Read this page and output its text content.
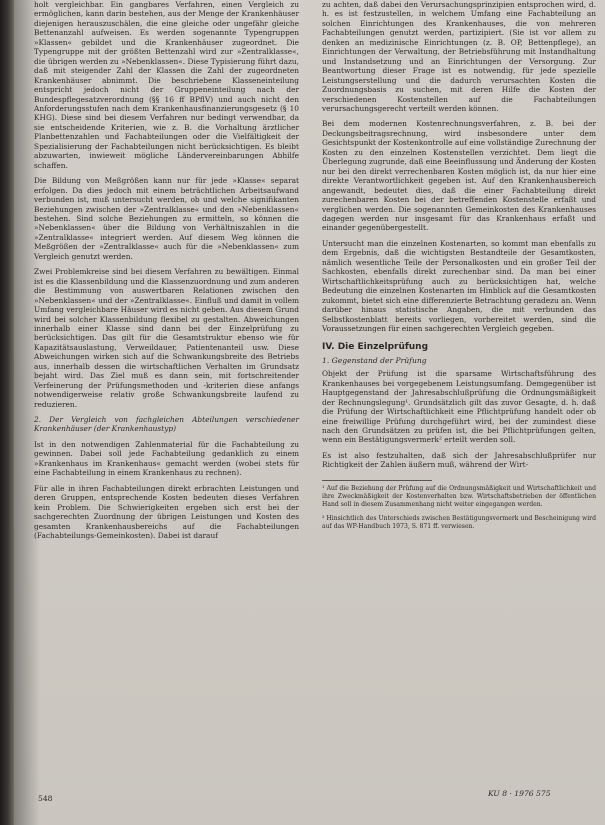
holt vergleichbar. Ein gangbares Verfahren, einen Vergleich zu ermöglichen, kann darin bestehen, aus der Menge der Krankenhäuser diejenigen herauszuschälen, die eine gleiche oder ungefähr gleiche Bettenanzahl aufweisen. Es werden sogenannte Typengruppen »Klassen« gebildet und die Krankenhäuser zugeordnet. Die Typengruppe mit der größten Bettenzahl wird zur »Zentralklasse«, die übrigen werden zu »Nebenklassen«. Diese Typisierung führt dazu, daß mit steigender Zahl der Klassen die Zahl der zugeordneten Krankenhäuser abnimmt. Die beschriebene Klasseneinteilung entspricht jedoch nicht der Gruppeneinteilung nach der Bundespflegesatzverordnung (§§ 16 ff BPflV) und auch nicht den Anforderungsstufen nach dem Krankenhausfinanzierungsgesetz (§ 10 KHG). Diese sind bei diesem Verfahren nur bedingt verwendbar, da sie entscheidende Kriterien, wie z. B. die Vorhaltung ärztlicher Planbettenzahlen und Fachabteilungen oder die Vielfältigkeit der Spezialisierung der Fachabteilungen nicht berücksichtigen. Es bleibt abzuwarten, inwieweit mögliche Ländervereinbarungen Abhilfe schaffen.

Die Bildung von Meßgrößen kann nur für jede »Klasse« separat erfolgen. Da dies jedoch mit einem beträchtlichen Arbeitsaufwand verbunden ist, muß untersucht werden, ob und welche signifikanten Beziehungen zwischen der »Zentralklasse« und den »Nebenklassen« bestehen. Sind solche Beziehungen zu ermitteln, so können die »Nebenklassen« über die Bildung von Verhältniszahlen in die »Zentralklasse« integriert werden. Auf diesem Weg können die Meßgrößen der »Zentralklasse« auch für die »Nebenklassen« zum Vergleich genutzt werden.

Zwei Problemkreise sind bei diesem Verfahren zu bewältigen. Einmal ist es die Klassenbildung und die Klassenzuordnung und zum anderen die Bestimmung von auswertbaren Relationen zwischen den »Nebenklassen« und der »Zentralklasse«. Einfluß und damit in vollem Umfang vergleichbare Häuser wird es nicht geben. Aus diesem Grund wird bei solcher Klassenbildung flexibel zu gestalten. Abweichungen innerhalb einer Klasse sind dann bei der Einzelprüfung zu berücksichtigen. Das gilt für die Gesamtstruktur ebenso wie für Kapazitätsauslastung, Verweildauer, Patientenanteil usw. Diese Abweichungen wirken sich auf die Schwankungsbreite des Betriebs aus, innerhalb dessen die wirtschaftlichen Verhalten im Grundsatz bejaht wird. Das Ziel muß es dann sein, mit fortschreitender Verfeinerung der Prüfungsmethoden und -kriterien diese anfangs notwendigerweise relativ große Schwankungsbreite laufend zu reduzieren.

2. Der Vergleich von fachgleichen Abteilungen verschiedener Krankenhäuser (der Krankenhaustyp)

Ist in den notwendigen Zahlenmaterial für die Fachabteilung zu gewinnen. Dabei soll jede Fachabteilung gedanklich zu einem »Krankenhaus im Krankenhaus« gemacht werden (wobei stets für eine Fachabteilung in einem Krankenhaus zu rechnen).

Für alle in ihren Fachabteilungen direkt erbrachten Leistungen und deren Gruppen, entsprechende Kosten bedeuten dieses Verfahren kein Problem. Die Schwierigkeiten ergeben sich erst bei der sachgerechten Zuordnung der übrigen Leistungen und Kosten des gesamten Krankenhausbereichs auf die Fachabteilungen (Fachabteilungs-Gemeinkosten). Dabei ist darauf

zu achten, daß dabei den Verursachungsprinzipien entsprochen wird, d. h. es ist festzustellen, in welchem Umfang eine Fachabteilung an solchen Einrichtungen des Krankenhauses, die von mehreren Fachabteilungen genutzt werden, partizipiert. (Sie ist vor allem zu denken an medizinische Einrichtungen (z. B. OP, Bettenpflege), an Einrichtungen der Verwaltung, der Betriebsführung mit Instandhaltung und Instandsetzung und an Einrichtungen der Versorgung. Zur Beantwortung dieser Frage ist es notwendig, für jede spezielle Leistungserstellung und die dadurch verursachten Kosten die Zuordnungsbasis zu suchen, mit deren Hilfe die Kosten der verschiedenen Kostenstellen auf die Fachabteilungen verursachungsgerecht verteilt werden können.

Bei dem modernen Kostenrechnungsverfahren, z. B. bei der Deckungsbeitragsrechnung, wird insbesondere unter dem Gesichtspunkt der Kostenkontrolle auf eine vollständige Zurechnung der Kosten zu den einzelnen Kostenstellen verzichtet. Dem liegt die Überlegung zugrunde, daß eine Beeinflussung und Änderung der Kosten nur bei den direkt verrechenbaren Kosten möglich ist, da nur hier eine direkte Verantwortlichkeit gegeben ist. Auf den Krankenhausbereich angewandt, bedeutet dies, daß die einer Fachabteilung direkt zurechenbaren Kosten bei der betreffenden Kostenstelle erfaßt und verglichen werden. Die sogenannten Gemeinkosten des Krankenhauses dagegen werden nur insgesamt für das Krankenhaus erfaßt und einander gegenübergestellt.

Untersucht man die einzelnen Kostenarten, so kommt man ebenfalls zu dem Ergebnis, daß die wichtigsten Bestandteile der Gesamtkosten, nämlich wesentliche Teile der Personalkosten und ein großer Teil der Sachkosten, ebenfalls direkt zurechenbar sind. Da man bei einer Wirtschaftlichkeitsprüfung auch zu berücksichtigen hat, welche Bedeutung die einzelnen Kostenarten im Hinblick auf die Gesamtkosten zukommt, bietet sich eine differenzierte Betrachtung geradezu an. Wenn darüber hinaus statistische Angaben, die mit verbunden das Selbstkostenblatt bereits vorliegen, vorbereitet werden, sind die Voraussetzungen für einen sachgerechten Vergleich gegeben.

IV. Die Einzelprüfung
1. Gegenstand der Prüfung

Objekt der Prüfung ist die sparsame Wirtschaftsführung des Krankenhauses bei vorgegebenem Leistungsumfang. Demgegenüber ist Hauptgegenstand der Jahresabschlußprüfung die Ordnungsmäßigkeit der Rechnungslegung¹. Grundsätzlich gilt das zuvor Gesagte, d. h. daß die Prüfung der Wirtschaftlichkeit eine Pflichtprüfung handelt oder ob eine freiwillige Prüfung durchgeführt wird, bei der zumindest diese nach den Grundsätzen zu prüfen ist, die bei Pflichtprüfungen gelten, wenn ein Bestätigungsvermerk² erteilt werden soll.

Es ist also festzuhalten, daß sich der Jahresabschlußprüfer nur Richtigkeit der Zahlen äußern muß, während der Wirt-

¹ Auf die Beziehung der Prüfung auf die Ordnungsmäßigkeit und Wirtschaftlichkeit und ihre Zweckmäßigkeit der Kostenverhalten bzw. Wirtschaftsbetrieben der öffentlichen Hand soll in diesem Zusammenhang nicht weiter eingegangen werden.

² Hinsichtlich des Unterschieds zwischen Bestätigungsvermerk und Bescheinigung wird auf das WP-Handbuch 1973, S. 871 ff. verwiesen.

548
KU 8 · 1976 575
